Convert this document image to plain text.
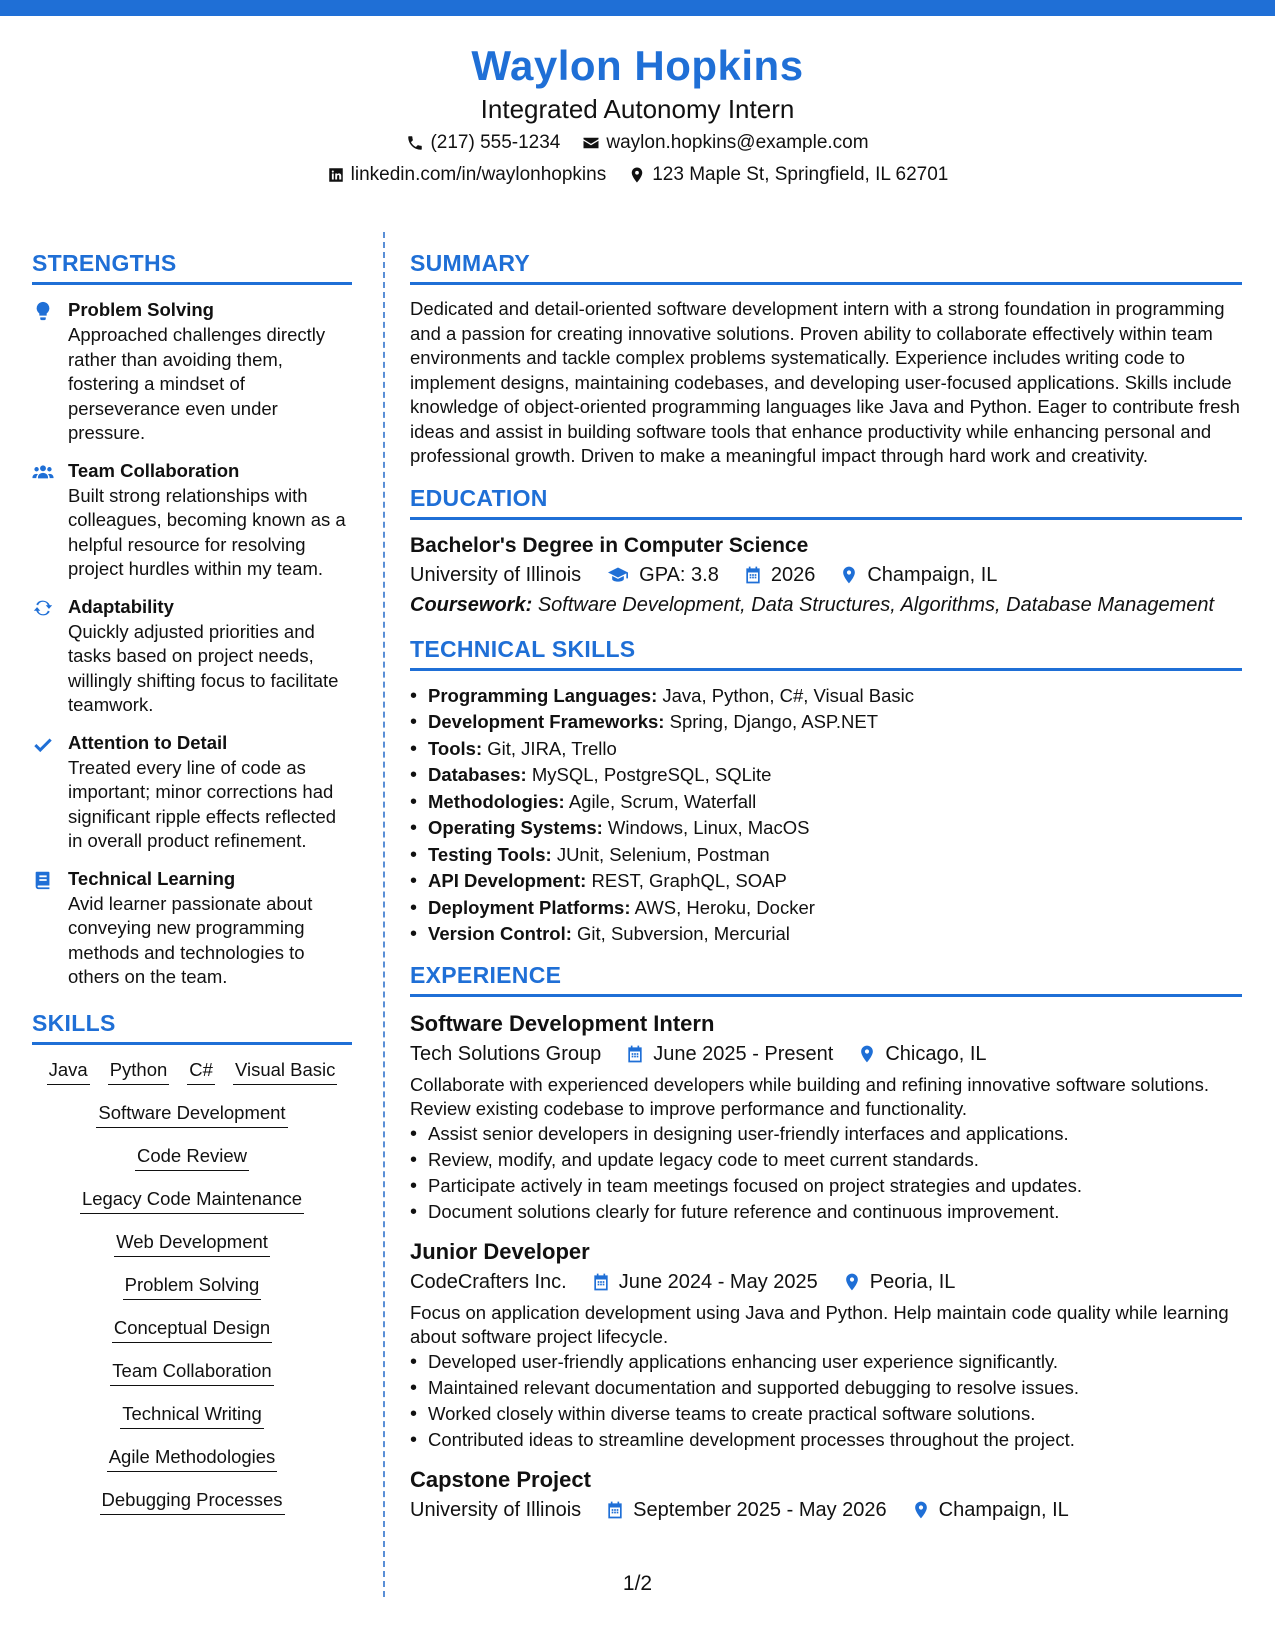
Waylon Hopkins
Integrated Autonomy Intern
(217) 555-1234 waylon.hopkins@example.com
linkedin.com/in/waylonhopkins 123 Maple St, Springfield, IL 62701
STRENGTHS
Problem Solving
Approached challenges directly rather than avoiding them, fostering a mindset of perseverance even under pressure.
Team Collaboration
Built strong relationships with colleagues, becoming known as a helpful resource for resolving project hurdles within my team.
Adaptability
Quickly adjusted priorities and tasks based on project needs, willingly shifting focus to facilitate teamwork.
Attention to Detail
Treated every line of code as important; minor corrections had significant ripple effects reflected in overall product refinement.
Technical Learning
Avid learner passionate about conveying new programming methods and technologies to others on the team.
SKILLS
Java Python C# Visual Basic
Software Development
Code Review
Legacy Code Maintenance
Web Development
Problem Solving
Conceptual Design
Team Collaboration
Technical Writing
Agile Methodologies
Debugging Processes
SUMMARY
Dedicated and detail-oriented software development intern with a strong foundation in programming and a passion for creating innovative solutions. Proven ability to collaborate effectively within team environments and tackle complex problems systematically. Experience includes writing code to implement designs, maintaining codebases, and developing user-focused applications. Skills include knowledge of object-oriented programming languages like Java and Python. Eager to contribute fresh ideas and assist in building software tools that enhance productivity while enhancing personal and professional growth. Driven to make a meaningful impact through hard work and creativity.
EDUCATION
Bachelor's Degree in Computer Science
University of Illinois	GPA: 3.8	2026	Champaign, IL
Coursework: Software Development, Data Structures, Algorithms, Database Management
TECHNICAL SKILLS
• Programming Languages: Java, Python, C#, Visual Basic
• Development Frameworks: Spring, Django, ASP.NET
• Tools: Git, JIRA, Trello
• Databases: MySQL, PostgreSQL, SQLite
• Methodologies: Agile, Scrum, Waterfall
• Operating Systems: Windows, Linux, MacOS
• Testing Tools: JUnit, Selenium, Postman
• API Development: REST, GraphQL, SOAP
• Deployment Platforms: AWS, Heroku, Docker
• Version Control: Git, Subversion, Mercurial
EXPERIENCE
Software Development Intern
Tech Solutions Group	June 2025 - Present	Chicago, IL
Collaborate with experienced developers while building and refining innovative software solutions. Review existing codebase to improve performance and functionality.
• Assist senior developers in designing user-friendly interfaces and applications.
• Review, modify, and update legacy code to meet current standards.
• Participate actively in team meetings focused on project strategies and updates.
• Document solutions clearly for future reference and continuous improvement.
Junior Developer
CodeCrafters Inc.	June 2024 - May 2025	Peoria, IL
Focus on application development using Java and Python. Help maintain code quality while learning about software project lifecycle.
• Developed user-friendly applications enhancing user experience significantly.
• Maintained relevant documentation and supported debugging to resolve issues.
• Worked closely within diverse teams to create practical software solutions.
• Contributed ideas to streamline development processes throughout the project.
Capstone Project
University of Illinois	September 2025 - May 2026	Champaign, IL
1/2
